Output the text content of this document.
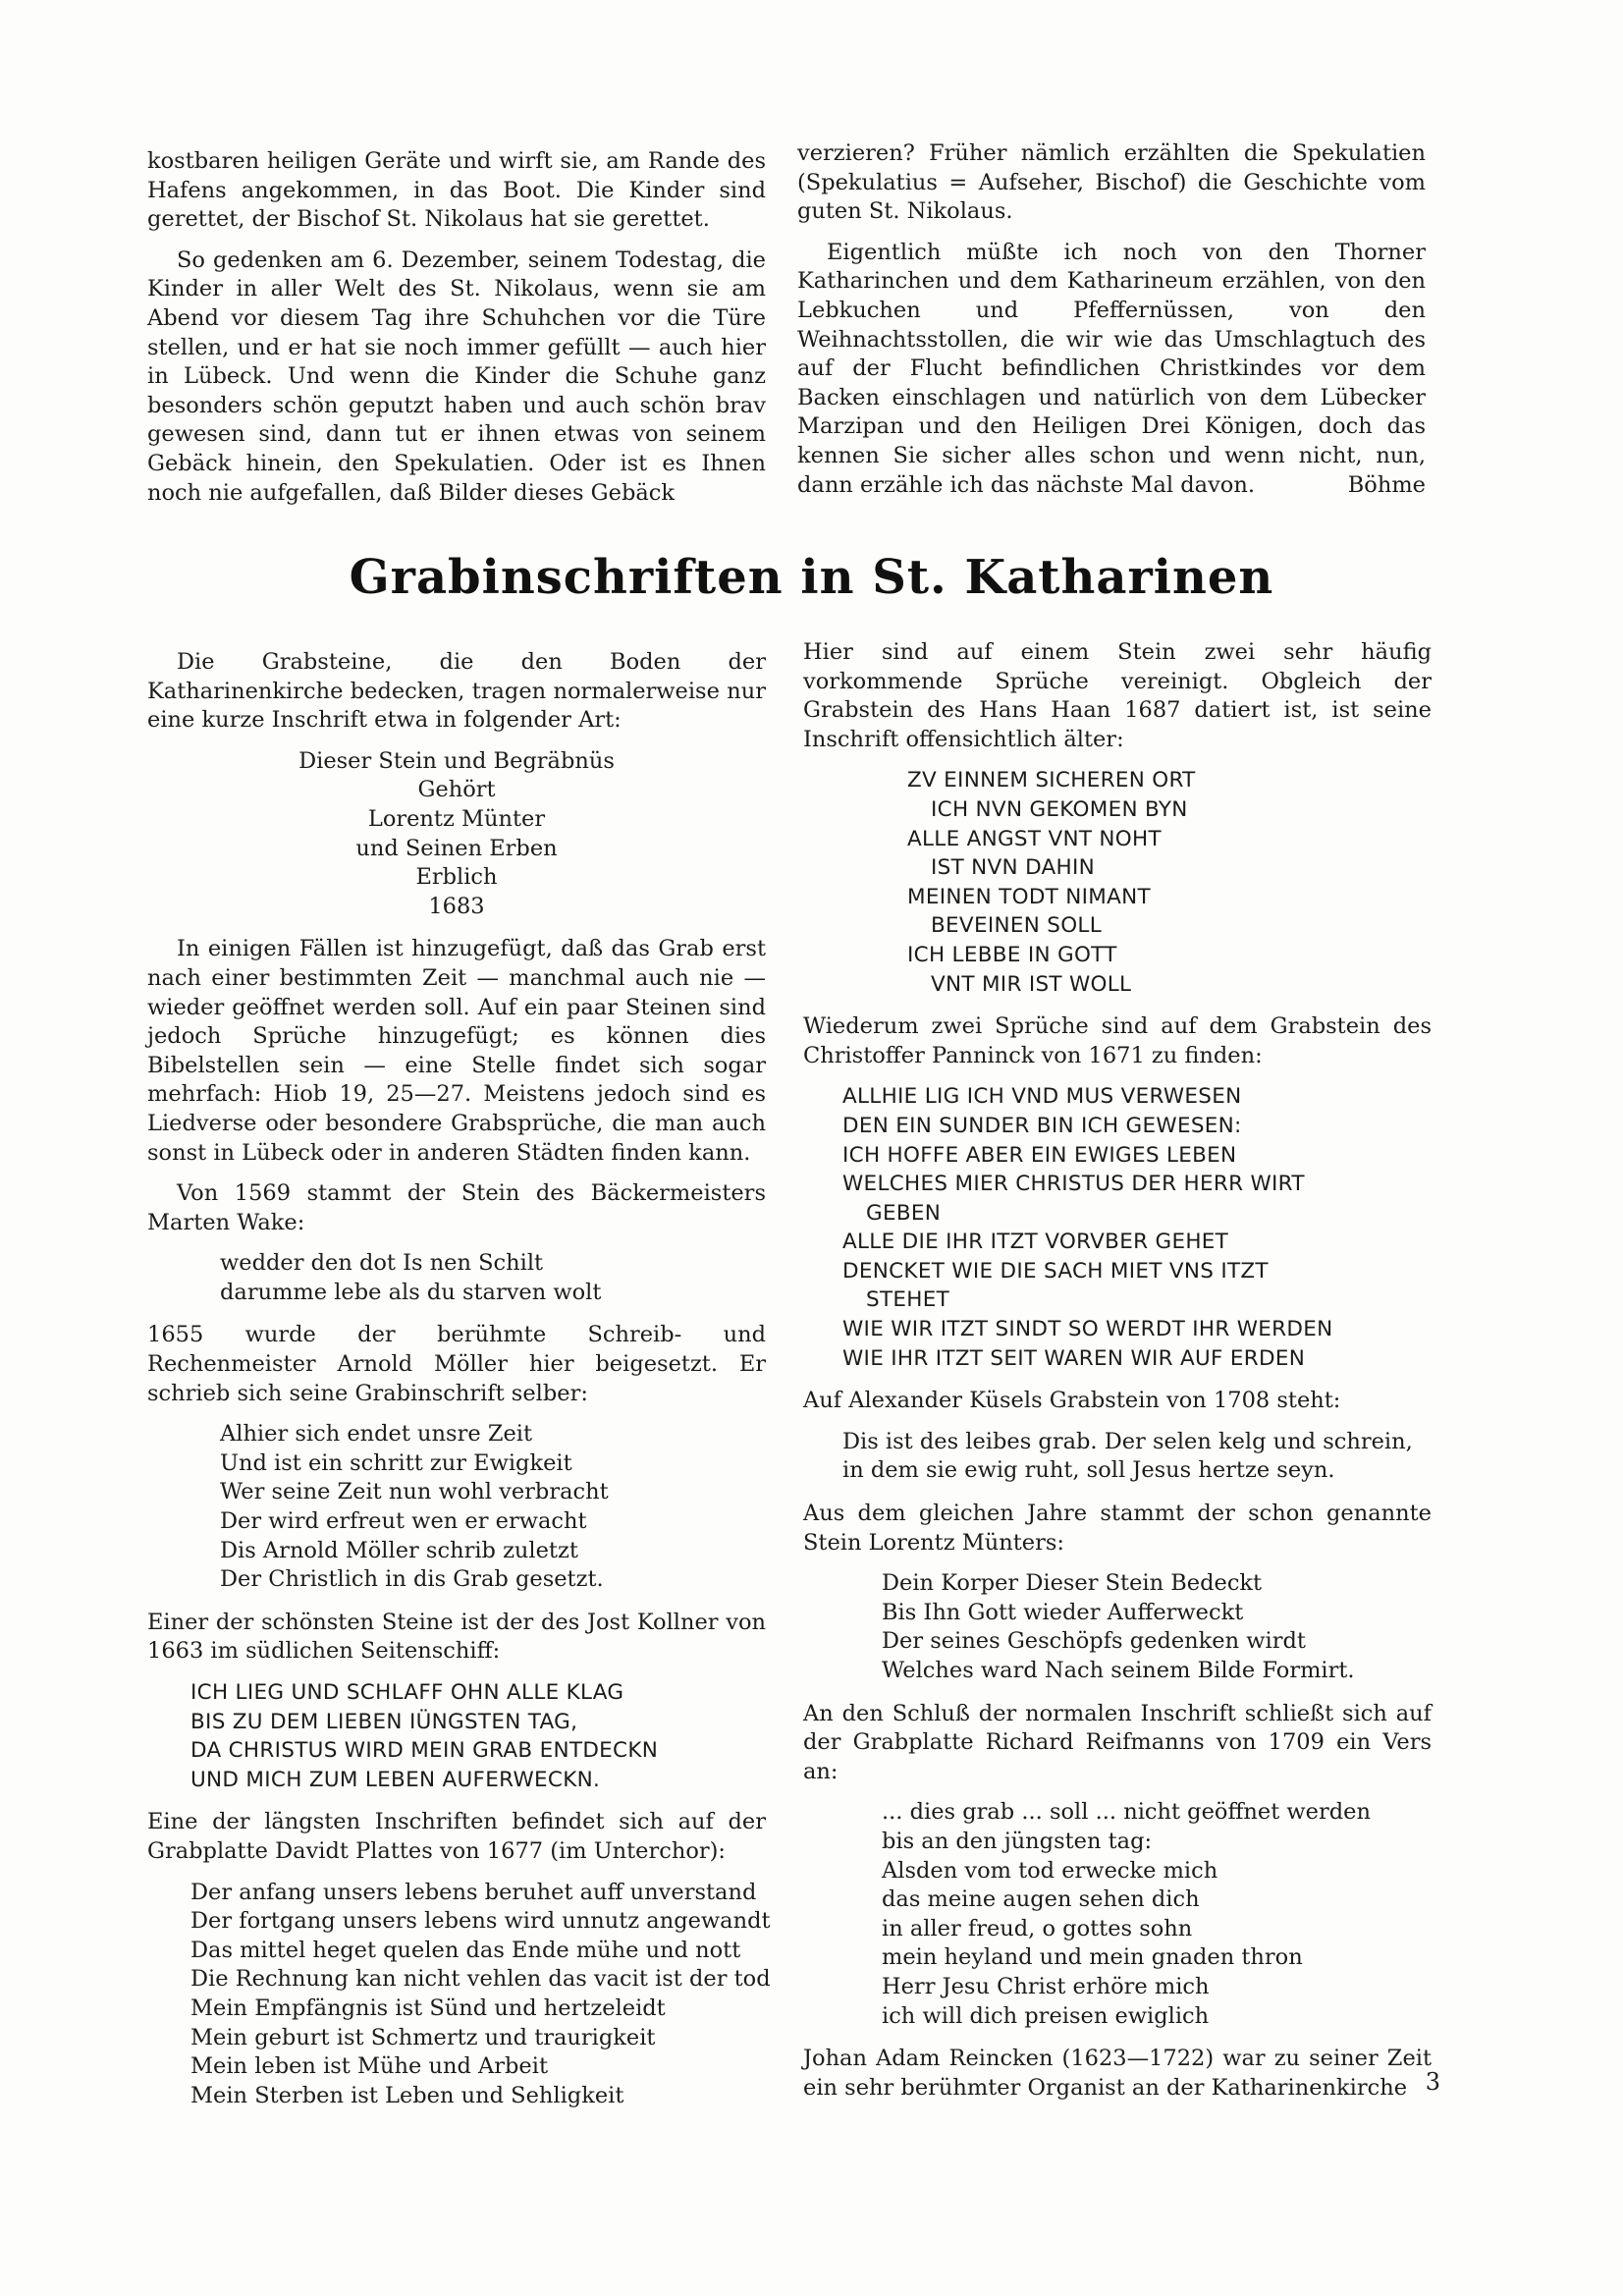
kostbaren heiligen Geräte und wirft sie, am Rande des Hafens angekommen, in das Boot. Die Kinder sind gerettet, der Bischof St. Nikolaus hat sie gerettet.

So gedenken am 6. Dezember, seinem Todestag, die Kinder in aller Welt des St. Nikolaus, wenn sie am Abend vor diesem Tag ihre Schuhchen vor die Türe stellen, und er hat sie noch immer gefüllt — auch hier in Lübeck. Und wenn die Kinder die Schuhe ganz besonders schön geputzt haben und auch schön brav gewesen sind, dann tut er ihnen etwas von seinem Gebäck hinein, den Spekulatien. Oder ist es Ihnen noch nie aufgefallen, daß Bilder dieses Gebäck

verzieren? Früher nämlich erzählten die Spekulatien (Spekulatius = Aufseher, Bischof) die Geschichte vom guten St. Nikolaus.

Eigentlich müßte ich noch von den Thorner Katharinchen und dem Katharineum erzählen, von den Lebkuchen und Pfeffernüssen, von den Weihnachtsstollen, die wir wie das Umschlagtuch des auf der Flucht befindlichen Christkindes vor dem Backen einschlagen und natürlich von dem Lübecker Marzipan und den Heiligen Drei Königen, doch das kennen Sie sicher alles schon und wenn nicht, nun, dann erzähle ich das nächste Mal davon.	Böhme

Grabinschriften in St. Katharinen

Die Grabsteine, die den Boden der Katharinenkirche bedecken, tragen normalerweise nur eine kurze Inschrift etwa in folgender Art:

Dieser Stein und Begräbnüs
Gehört
Lorentz Münter
und Seinen Erben
Erblich
1683

In einigen Fällen ist hinzugefügt, daß das Grab erst nach einer bestimmten Zeit — manchmal auch nie — wieder geöffnet werden soll. Auf ein paar Steinen sind jedoch Sprüche hinzugefügt; es können dies Bibelstellen sein — eine Stelle findet sich sogar mehrfach: Hiob 19, 25—27. Meistens jedoch sind es Liedverse oder besondere Grabsprüche, die man auch sonst in Lübeck oder in anderen Städten finden kann.

Von 1569 stammt der Stein des Bäckermeisters Marten Wake:

wedder den dot Is nen Schilt
darumme lebe als du starven wolt

1655 wurde der berühmte Schreib- und Rechenmeister Arnold Möller hier beigesetzt. Er schrieb sich seine Grabinschrift selber:

Alhier sich endet unsre Zeit
Und ist ein schritt zur Ewigkeit
Wer seine Zeit nun wohl verbracht
Der wird erfreut wen er erwacht
Dis Arnold Möller schrib zuletzt
Der Christlich in dis Grab gesetzt.

Einer der schönsten Steine ist der des Jost Kollner von 1663 im südlichen Seitenschiff:

ICH LIEG UND SCHLAFF OHN ALLE KLAG
BIS ZU DEM LIEBEN IÜNGSTEN TAG,
DA CHRISTUS WIRD MEIN GRAB ENTDECKN
UND MICH ZUM LEBEN AUFERWECKN.

Eine der längsten Inschriften befindet sich auf der Grabplatte Davidt Plattes von 1677 (im Unterchor):

Der anfang unsers lebens beruhet auff unverstand
Der fortgang unsers lebens wird unnutz angewandt
Das mittel heget quelen das Ende mühe und nott
Die Rechnung kan nicht vehlen das vacit ist der tod
Mein Empfängnis ist Sünd und hertzeleidt
Mein geburt ist Schmertz und traurigkeit
Mein leben ist Mühe und Arbeit
Mein Sterben ist Leben und Sehligkeit

Hier sind auf einem Stein zwei sehr häufig vorkommende Sprüche vereinigt. Obgleich der Grabstein des Hans Haan 1687 datiert ist, ist seine Inschrift offensichtlich älter:

ZV EINNEM SICHEREN ORT
ICH NVN GEKOMEN BYN
ALLE ANGST VNT NOHT
IST NVN DAHIN
MEINEN TODT NIMANT
BEVEINEN SOLL
ICH LEBBE IN GOTT
VNT MIR IST WOLL

Wiederum zwei Sprüche sind auf dem Grabstein des Christoffer Panninck von 1671 zu finden:

ALLHIE LIG ICH VND MUS VERWESEN
DEN EIN SUNDER BIN ICH GEWESEN:
ICH HOFFE ABER EIN EWIGES LEBEN
WELCHES MIER CHRISTUS DER HERR WIRT
GEBEN
ALLE DIE IHR ITZT VORVBER GEHET
DENCKET WIE DIE SACH MIET VNS ITZT
STEHET
WIE WIR ITZT SINDT SO WERDT IHR WERDEN
WIE IHR ITZT SEIT WAREN WIR AUF ERDEN

Auf Alexander Küsels Grabstein von 1708 steht:

Dis ist des leibes grab. Der selen kelg und schrein,
in dem sie ewig ruht, soll Jesus hertze seyn.

Aus dem gleichen Jahre stammt der schon genannte Stein Lorentz Münters:

Dein Korper Dieser Stein Bedeckt
Bis Ihn Gott wieder Aufferweckt
Der seines Geschöpfs gedenken wirdt
Welches ward Nach seinem Bilde Formirt.

An den Schluß der normalen Inschrift schließt sich auf der Grabplatte Richard Reifmanns von 1709 ein Vers an:

... dies grab ... soll ... nicht geöffnet werden
bis an den jüngsten tag:
Alsden vom tod erwecke mich
das meine augen sehen dich
in aller freud, o gottes sohn
mein heyland und mein gnaden thron
Herr Jesu Christ erhöre mich
ich will dich preisen ewiglich

Johan Adam Reincken (1623—1722) war zu seiner Zeit ein sehr berühmter Organist an der Katharinenkirche 3
